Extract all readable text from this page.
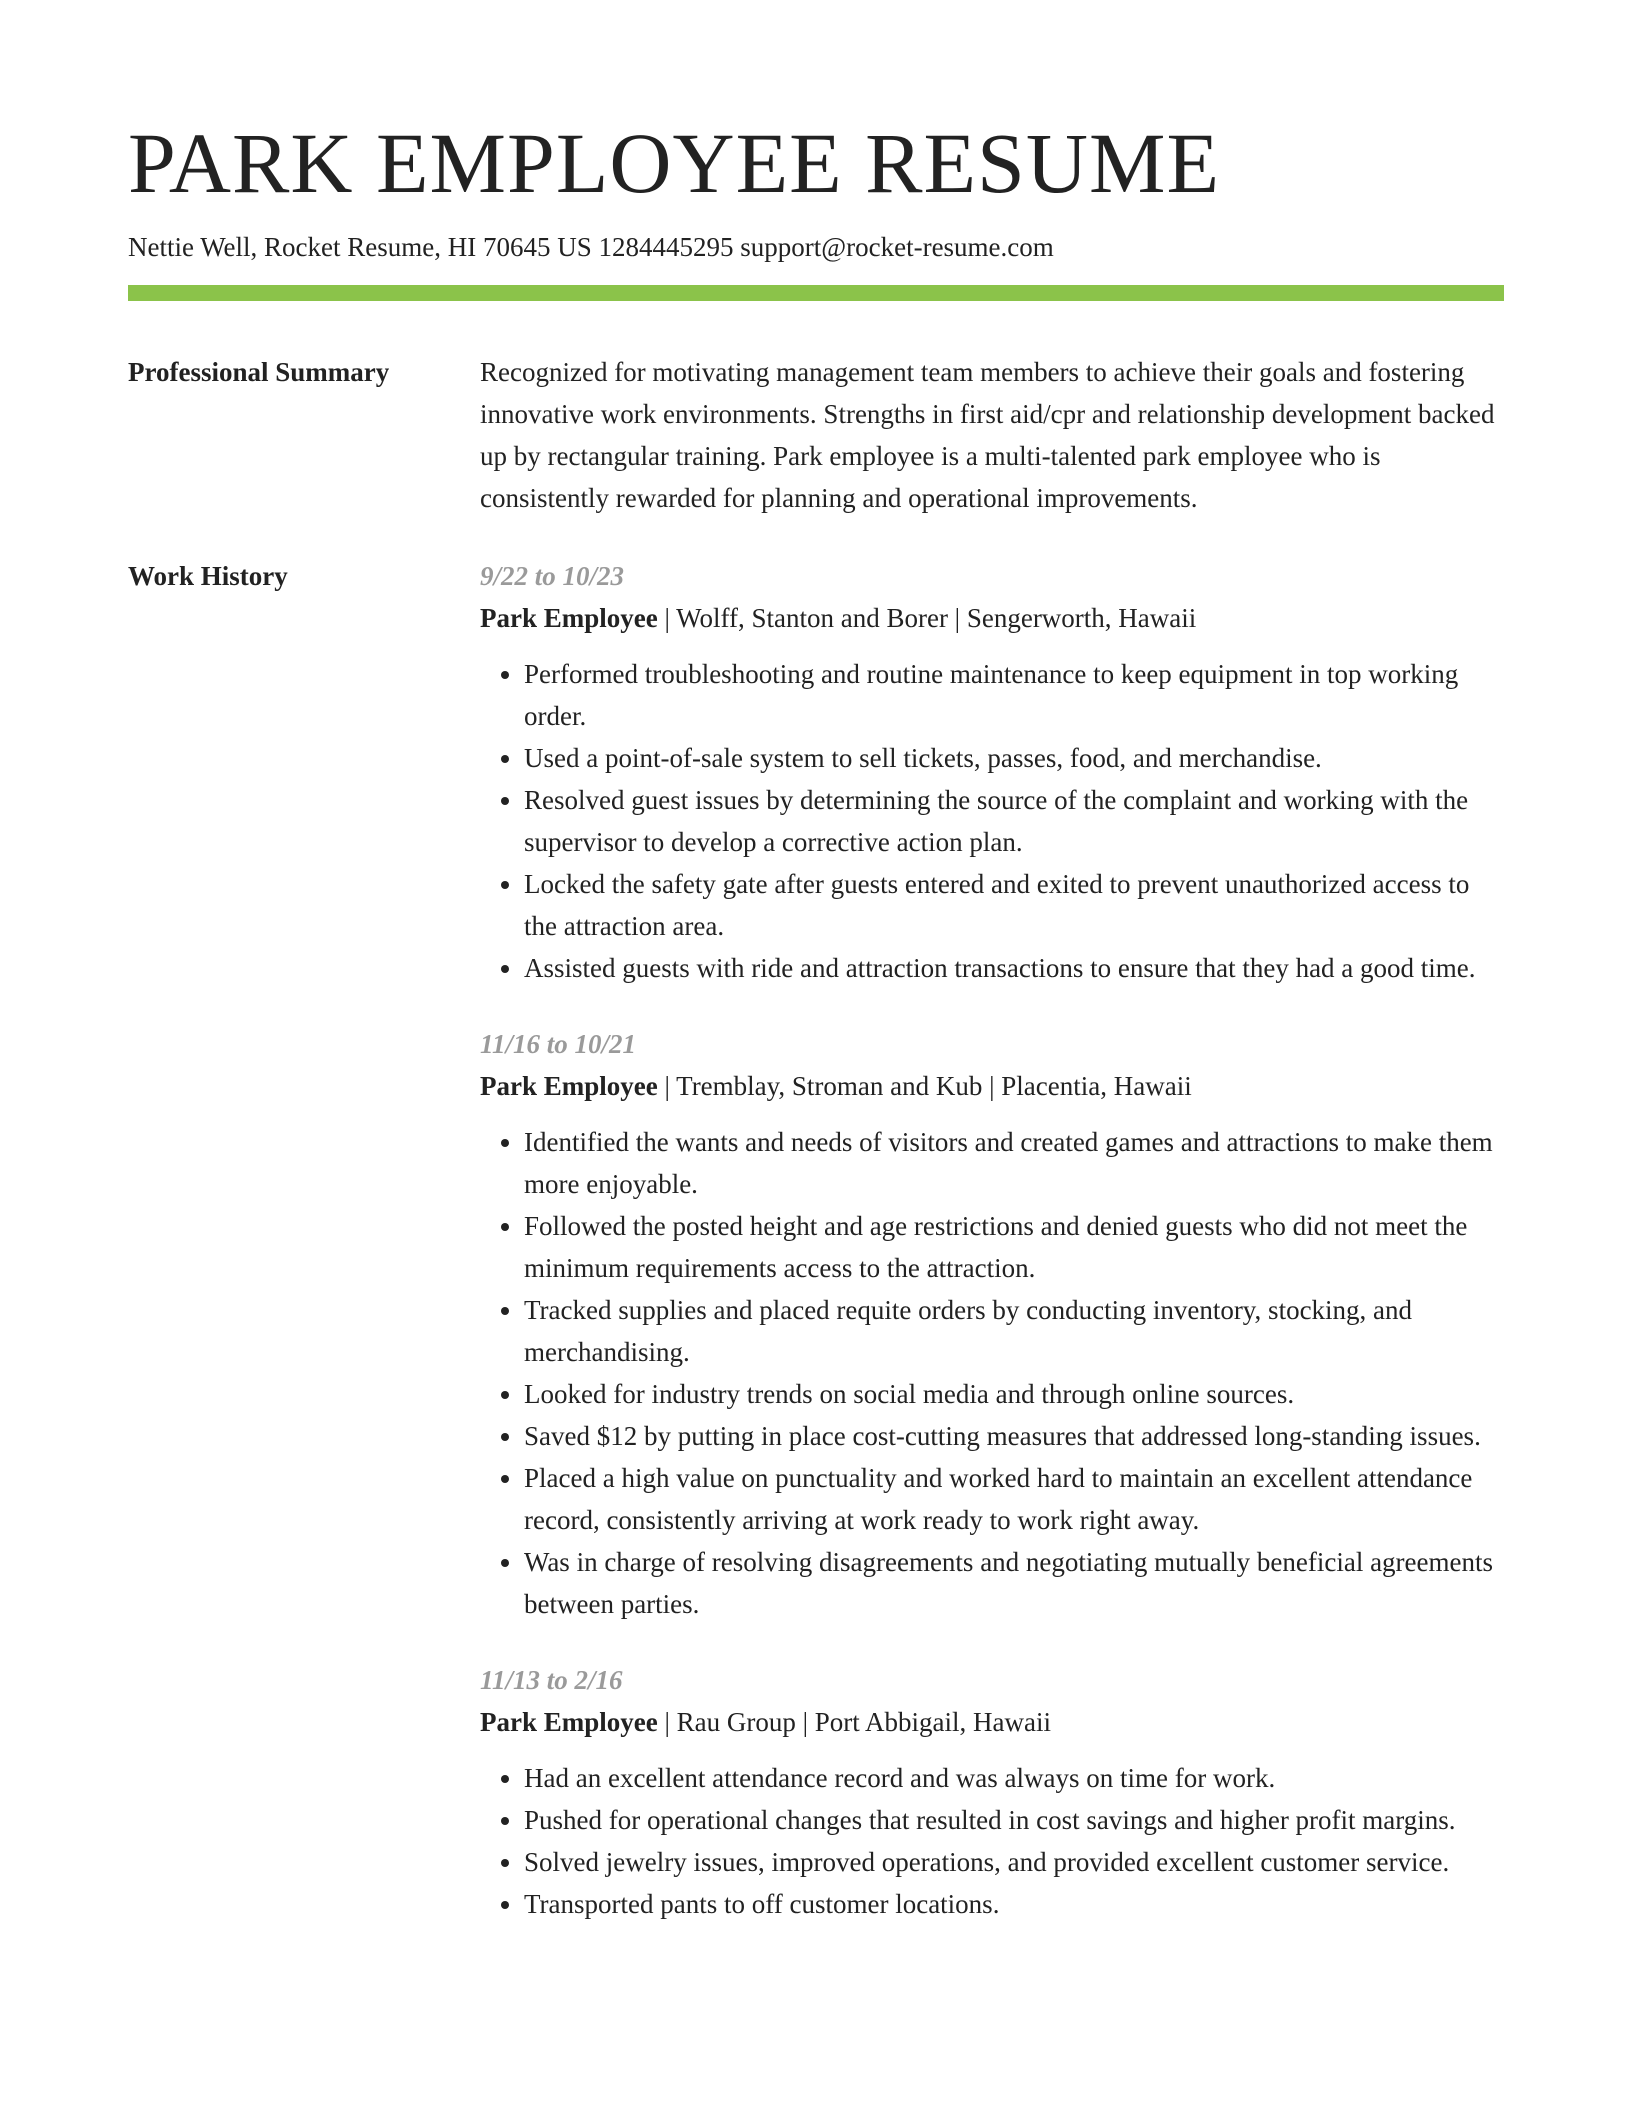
PARK EMPLOYEE RESUME
Nettie Well, Rocket Resume, HI 70645 US 1284445295 support@rocket-resume.com
Professional Summary	Recognized for motivating management team members to achieve their goals and fostering innovative work environments. Strengths in first aid/cpr and relationship development backed up by rectangular training. Park employee is a multi-talented park employee who is consistently rewarded for planning and operational improvements.
Work History	9/22 to 10/23
Park Employee | Wolff, Stanton and Borer | Sengerworth, Hawaii
• Performed troubleshooting and routine maintenance to keep equipment in top working order.
• Used a point-of-sale system to sell tickets, passes, food, and merchandise.
• Resolved guest issues by determining the source of the complaint and working with the supervisor to develop a corrective action plan.
• Locked the safety gate after guests entered and exited to prevent unauthorized access to the attraction area.
• Assisted guests with ride and attraction transactions to ensure that they had a good time.
11/16 to 10/21
Park Employee | Tremblay, Stroman and Kub | Placentia, Hawaii
• Identified the wants and needs of visitors and created games and attractions to make them more enjoyable.
• Followed the posted height and age restrictions and denied guests who did not meet the minimum requirements access to the attraction.
• Tracked supplies and placed requite orders by conducting inventory, stocking, and merchandising.
• Looked for industry trends on social media and through online sources.
• Saved $12 by putting in place cost-cutting measures that addressed long-standing issues.
• Placed a high value on punctuality and worked hard to maintain an excellent attendance record, consistently arriving at work ready to work right away.
• Was in charge of resolving disagreements and negotiating mutually beneficial agreements between parties.
11/13 to 2/16
Park Employee | Rau Group | Port Abbigail, Hawaii
• Had an excellent attendance record and was always on time for work.
• Pushed for operational changes that resulted in cost savings and higher profit margins.
• Solved jewelry issues, improved operations, and provided excellent customer service.
• Transported pants to off customer locations.
